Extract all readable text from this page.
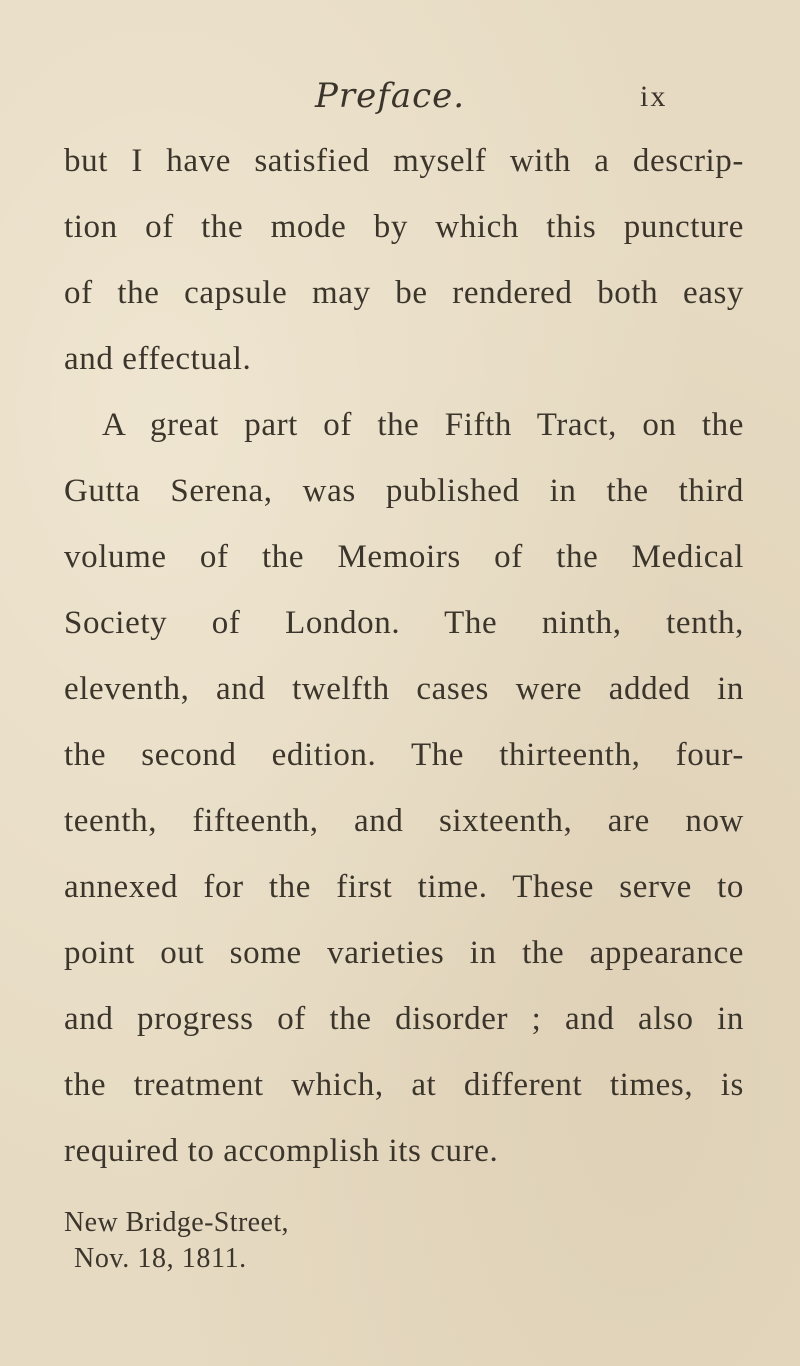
Preface.	ix
but I have satisfied myself with a descrip-
tion of the mode by which this puncture
of the capsule may be rendered both easy
and effectual.
A great part of the Fifth Tract, on the
Gutta Serena, was published in the third
volume of the Memoirs of the Medical
Society of London. The ninth, tenth,
eleventh, and twelfth cases were added in
the second edition. The thirteenth, four-
teenth, fifteenth, and sixteenth, are now
annexed for the first time. These serve to
point out some varieties in the appearance
and progress of the disorder ; and also in
the treatment which, at different times, is
required to accomplish its cure.
New Bridge-Street,
Nov. 18, 1811.
